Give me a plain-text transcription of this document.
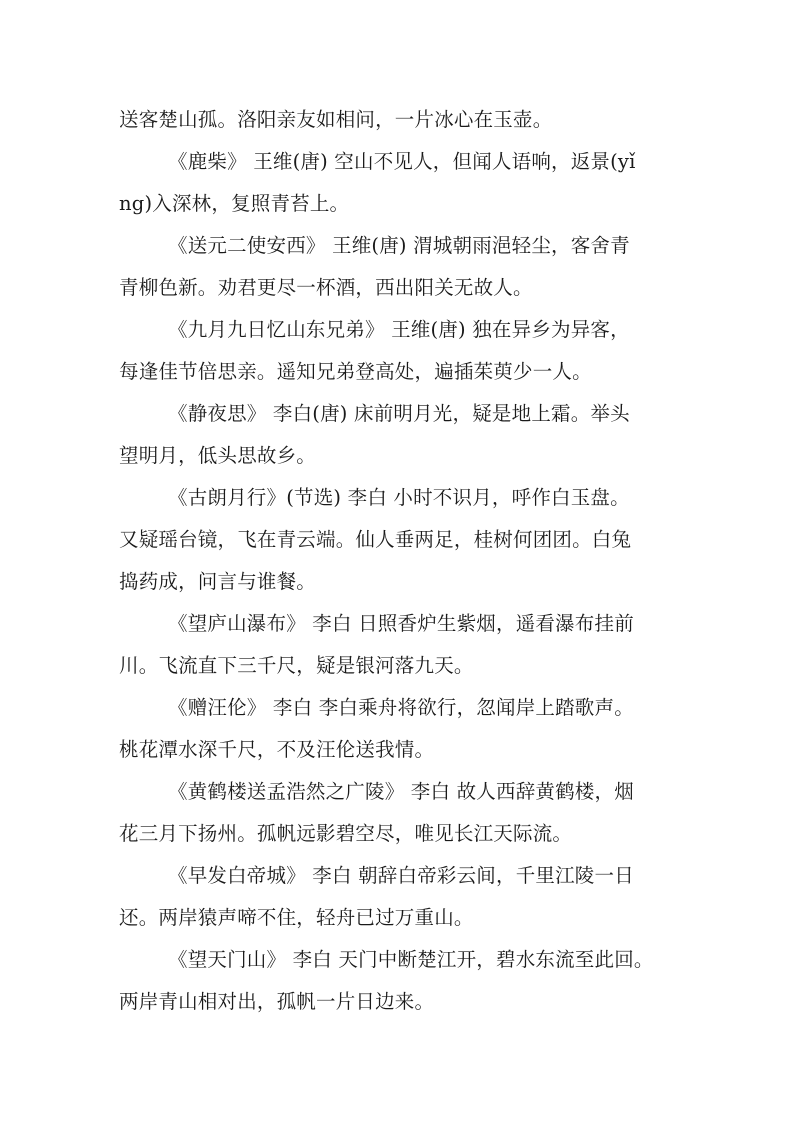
送客楚山孤。洛阳亲友如相问，一片冰心在玉壶。
《鹿柴》 王维(唐) 空山不见人，但闻人语响，返景(yǐ
ng)入深林，复照青苔上。
《送元二使安西》 王维(唐) 渭城朝雨浥轻尘，客舍青
青柳色新。劝君更尽一杯酒，西出阳关无故人。
《九月九日忆山东兄弟》 王维(唐) 独在异乡为异客，
每逢佳节倍思亲。遥知兄弟登高处，遍插茱萸少一人。
《静夜思》 李白(唐) 床前明月光，疑是地上霜。举头
望明月，低头思故乡。
《古朗月行》(节选) 李白 小时不识月，呼作白玉盘。
又疑瑶台镜，飞在青云端。仙人垂两足，桂树何团团。白兔
捣药成，问言与谁餐。
《望庐山瀑布》 李白 日照香炉生紫烟，遥看瀑布挂前
川。飞流直下三千尺，疑是银河落九天。
《赠汪伦》 李白 李白乘舟将欲行，忽闻岸上踏歌声。
桃花潭水深千尺，不及汪伦送我情。
《黄鹤楼送孟浩然之广陵》 李白 故人西辞黄鹤楼，烟
花三月下扬州。孤帆远影碧空尽，唯见长江天际流。
《早发白帝城》 李白 朝辞白帝彩云间，千里江陵一日
还。两岸猿声啼不住，轻舟已过万重山。
《望天门山》 李白 天门中断楚江开，碧水东流至此回。
两岸青山相对出，孤帆一片日边来。
